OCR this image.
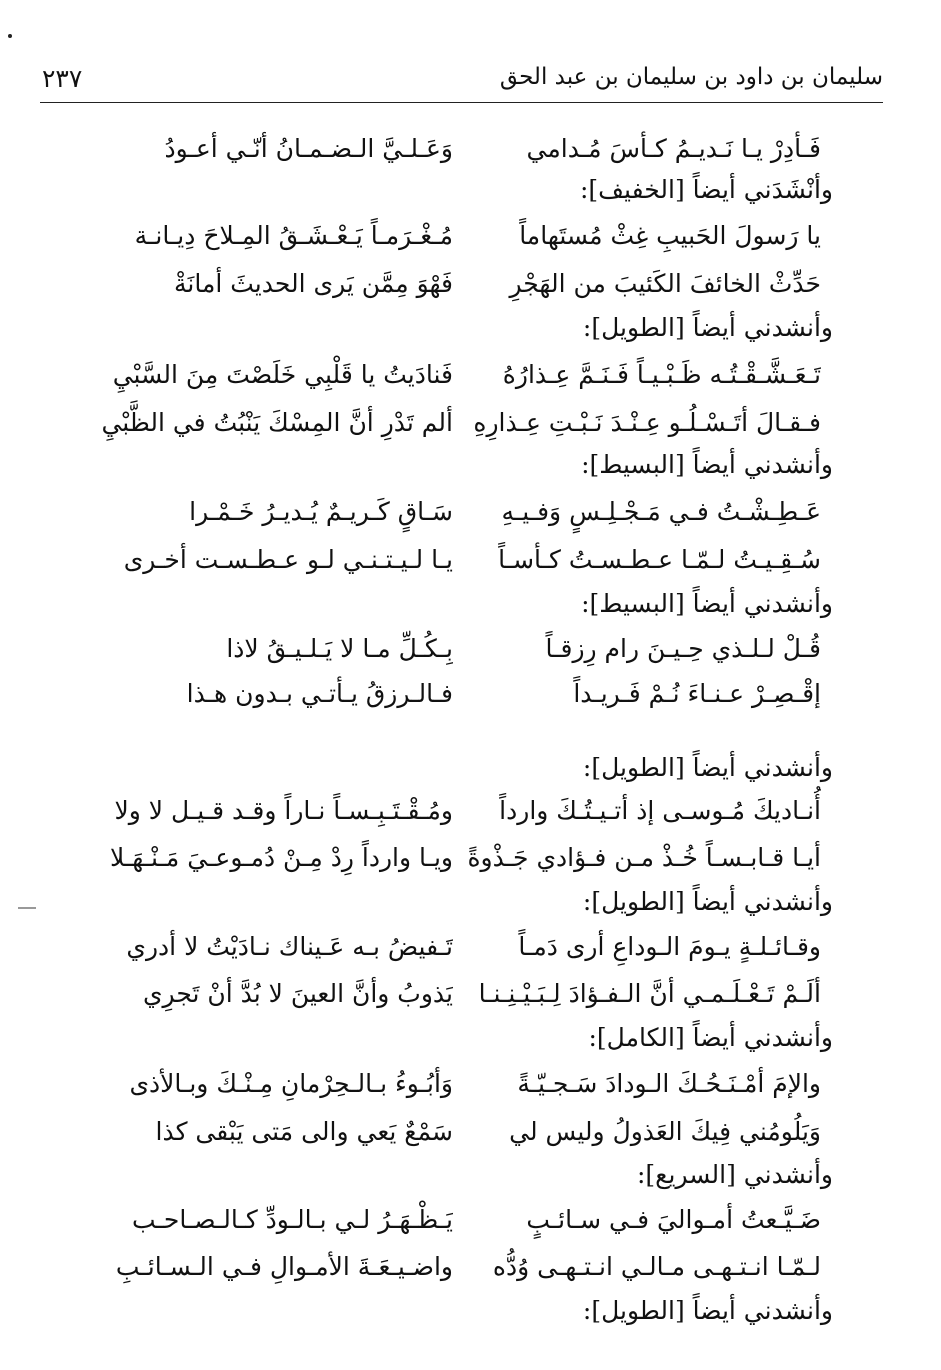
٢٣٧	سليمان بن داود بن سليمان بن عبد الحق
فَـأدِرْ يـا نَـديـمُ كـأسَ مُـدامي
وَعَـلـيَّ الـضـمـانُ أنّـي أعـودُ
وأنْشَدَني أيضاً [الخفيف]:
يا رَسولَ الحَبيبِ غِثْ مُستَهاماً
مُـغْـرَمـاً يَـعْـشَـقُ المِـلاحَ دِيـانـة
حَدِّثْ الخائفَ الكَئيبَ من الهَجْرِ
فَهْوَ مِمَّن يَرى الحديثَ أمانَةْ
وأنشدني أيضاً [الطويل]:
تَـعَـشَّـقْـتُـه ظَـبْـيـاً فَـنَـمَّ عِـذارُهُ
فَنادَيتُ يا قَلْبِي خَلَصْتَ مِنَ السَّبْيِ
فـقـالَ أتَـسْـلُـو عِـنْـدَ نَـبْـتِ عِـذارِهِ
ألم تَدْرِ أنَّ المِسْكَ يَنْبُتُ في الظَّبْيِ
وأنشدني أيضاً [البسيط]:
عَـطِـشْـتُ فـي مَـجْـلِـسٍ وَفـيـهِ
سَـاقٍ كَـريـمٌ يُـديـرُ خَـمْـرا
سُـقِـيـتُ لـمّـا عـطـسـتُ كـأسـاً
يـا لـيـتـنـي لـو عـطـسـت أخـرى
وأنشدني أيضاً [البسيط]:
قُـلْ لـلـذي حِـيـنَ رام رِزقـاً
بِـكُـلِّ مـا لا يَـلـيـقُ لاذا
إقْـصِـرْ عـنـاءَ نُـمْ فَـريـداً
فـالـرزقُ يـأتـي بـدون هـذا
وأنشدني أيضاً [الطويل]:
أُنـاديكَ مُـوسـى إذ أتـيـتُـكَ وارداً
ومُـقْـتَـبِـسـاً نـاراً وقـد قـيـل لا ولا
أيـا قـابـسـاً خُـذْ مـن فـؤادي جَـذْوةً
ويـا وارداً رِدْ مِـنْ دُمـوعـيَ مَـنْـهَـلا
وأنشدني أيضاً [الطويل]:
وقـائـلـةٍ يـومَ الـوداعِ أرى دَمـاً
تَـفيضُ بـه عَـيناك نـادَيْتُ لا أدري
ألَـمْ تَـعْـلَـمـي أنَّ الـفـؤادَ لِـبَـيْـنِـنـا
يَذوبُ وأنَّ العينَ لا بُدَّ أنْ تَجرِي
وأنشدني أيضاً [الكامل]:
والإمَ أمْـنَـحُـكَ الـودادَ سَـجـيّـةً
وَأبُـوءُ بـالـحِرْمانِ مِـنْـكَ وبـالأذى
وَيَلُومُني فِيكَ العَذولُ وليس لي
سَمْعٌ يَعي والى مَتى يَبْقى كذا
وأنشدني [السريع]:
ضَـيَّـعتُ أمـواليَ فـي سـائـبٍ
يَـظْـهَـرُ لـي بـالـودِّ كـالـصـاحـب
لـمّـا انـتـهـى مـالـي انـتـهـى وُدُّه
واضـيـعَـةَ الأمـوالِ فـي الـسـائـبِ
وأنشدني أيضاً [الطويل]:
